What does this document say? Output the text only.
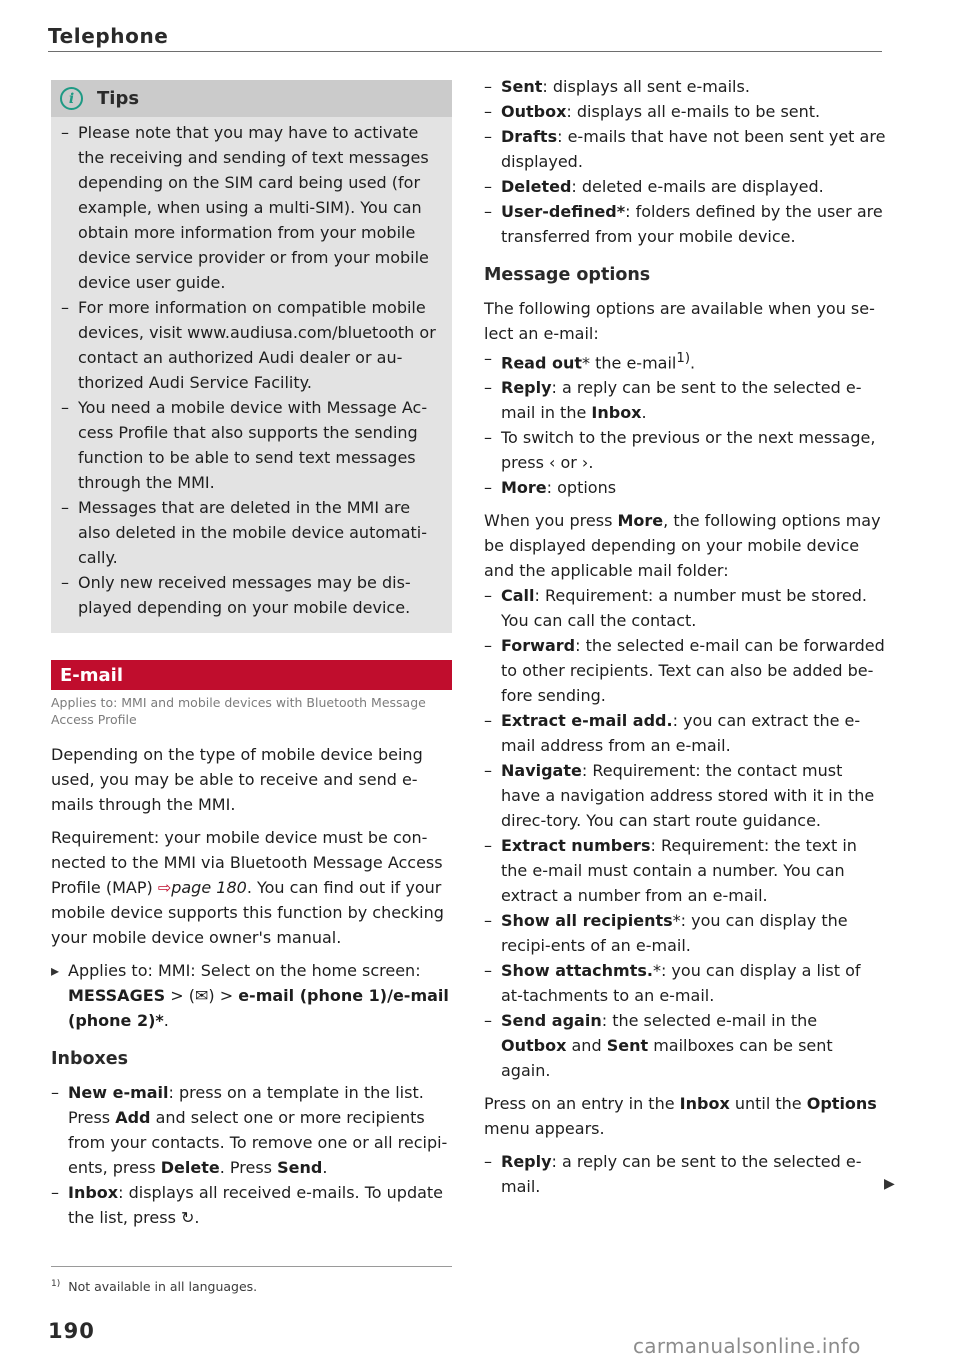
Telephone
i	Tips
– Please note that you may have to activate the receiving and sending of text messages depending on the SIM card being used (for example, when using a multi-SIM). You can obtain more information from your mobile device service provider or from your mobile device user guide.
– For more information on compatible mobile devices, visit www.audiusa.com/bluetooth or contact an authorized Audi dealer or au-thorized Audi Service Facility.
– You need a mobile device with Message Ac-cess Profile that also supports the sending function to be able to send text messages through the MMI.
– Messages that are deleted in the MMI are also deleted in the mobile device automati-cally.
– Only new received messages may be dis-played depending on your mobile device.
E-mail
Applies to: MMI and mobile devices with Bluetooth Message Access Profile
Depending on the type of mobile device being used, you may be able to receive and send e-mails through the MMI.
Requirement: your mobile device must be con-nected to the MMI via Bluetooth Message Access Profile (MAP) ⇨page 180. You can find out if your mobile device supports this function by checking your mobile device owner's manual.
▸ Applies to: MMI: Select on the home screen: MESSAGES > (✉) > e-mail (phone 1)/e-mail (phone 2)*.
Inboxes
– New e-mail: press on a template in the list. Press Add and select one or more recipients from your contacts. To remove one or all recipi-ents, press Delete. Press Send.
– Inbox: displays all received e-mails. To update the list, press ↻.
– Sent: displays all sent e-mails.
– Outbox: displays all e-mails to be sent.
– Drafts: e-mails that have not been sent yet are displayed.
– Deleted: deleted e-mails are displayed.
– User-defined*: folders defined by the user are transferred from your mobile device.
Message options
The following options are available when you se-lect an e-mail:
– Read out* the e-mail$^{1)}$.
– Reply: a reply can be sent to the selected e-mail in the Inbox.
– To switch to the previous or the next message, press ‹ or ›.
– More: options
When you press More, the following options may be displayed depending on your mobile device and the applicable mail folder:
– Call: Requirement: a number must be stored. You can call the contact.
– Forward: the selected e-mail can be forwarded to other recipients. Text can also be added be-fore sending.
– Extract e-mail add.: you can extract the e-mail address from an e-mail.
– Navigate: Requirement: the contact must have a navigation address stored with it in the direc-tory. You can start route guidance.
– Extract numbers: Requirement: the text in the e-mail must contain a number. You can extract a number from an e-mail.
– Show all recipients*: you can display the recipi-ents of an e-mail.
– Show attachmts.*: you can display a list of at-tachments to an e-mail.
– Send again: the selected e-mail in the Outbox and Sent mailboxes can be sent again.
Press on an entry in the Inbox until the Options menu appears.
– Reply: a reply can be sent to the selected e-mail.	▶
$^{1)}$ Not available in all languages.
190
carmanualsonline.info
